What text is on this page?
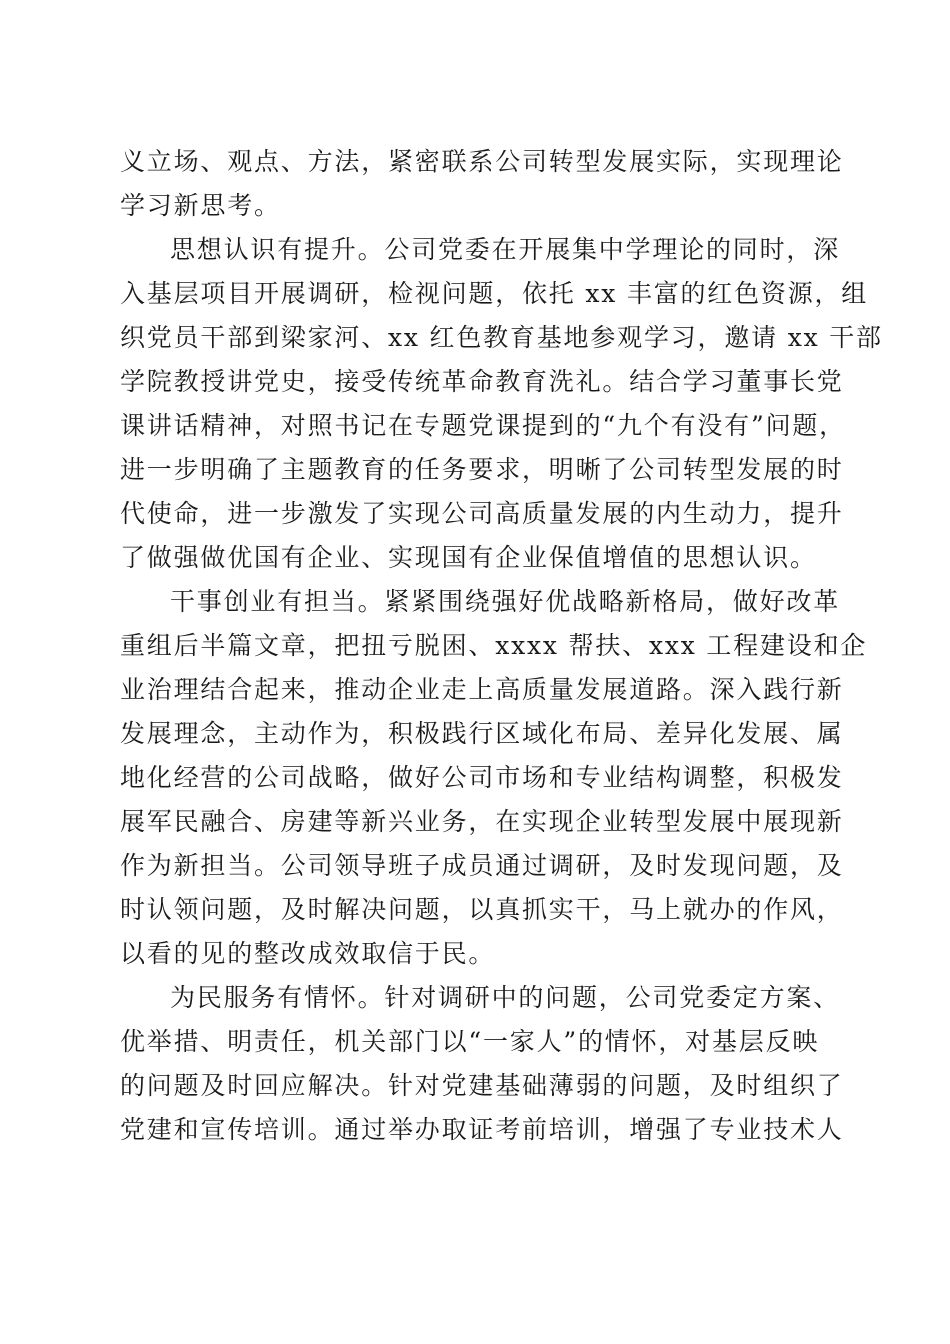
义立场、观点、方法，紧密联系公司转型发展实际，实现理论
学习新思考。

思想认识有提升。公司党委在开展集中学理论的同时，深
入基层项目开展调研，检视问题，依托 xx 丰富的红色资源，组
织党员干部到梁家河、xx 红色教育基地参观学习，邀请 xx 干部
学院教授讲党史，接受传统革命教育洗礼。结合学习董事长党
课讲话精神，对照书记在专题党课提到的“九个有没有”问题，
进一步明确了主题教育的任务要求，明晰了公司转型发展的时
代使命，进一步激发了实现公司高质量发展的内生动力，提升
了做强做优国有企业、实现国有企业保值增值的思想认识。

干事创业有担当。紧紧围绕强好优战略新格局，做好改革
重组后半篇文章，把扭亏脱困、xxxx 帮扶、xxx 工程建设和企
业治理结合起来，推动企业走上高质量发展道路。深入践行新
发展理念，主动作为，积极践行区域化布局、差异化发展、属
地化经营的公司战略，做好公司市场和专业结构调整，积极发
展军民融合、房建等新兴业务，在实现企业转型发展中展现新
作为新担当。公司领导班子成员通过调研，及时发现问题，及
时认领问题，及时解决问题，以真抓实干，马上就办的作风，
以看的见的整改成效取信于民。

为民服务有情怀。针对调研中的问题，公司党委定方案、
优举措、明责任，机关部门以“一家人”的情怀，对基层反映
的问题及时回应解决。针对党建基础薄弱的问题，及时组织了
党建和宣传培训。通过举办取证考前培训，增强了专业技术人
